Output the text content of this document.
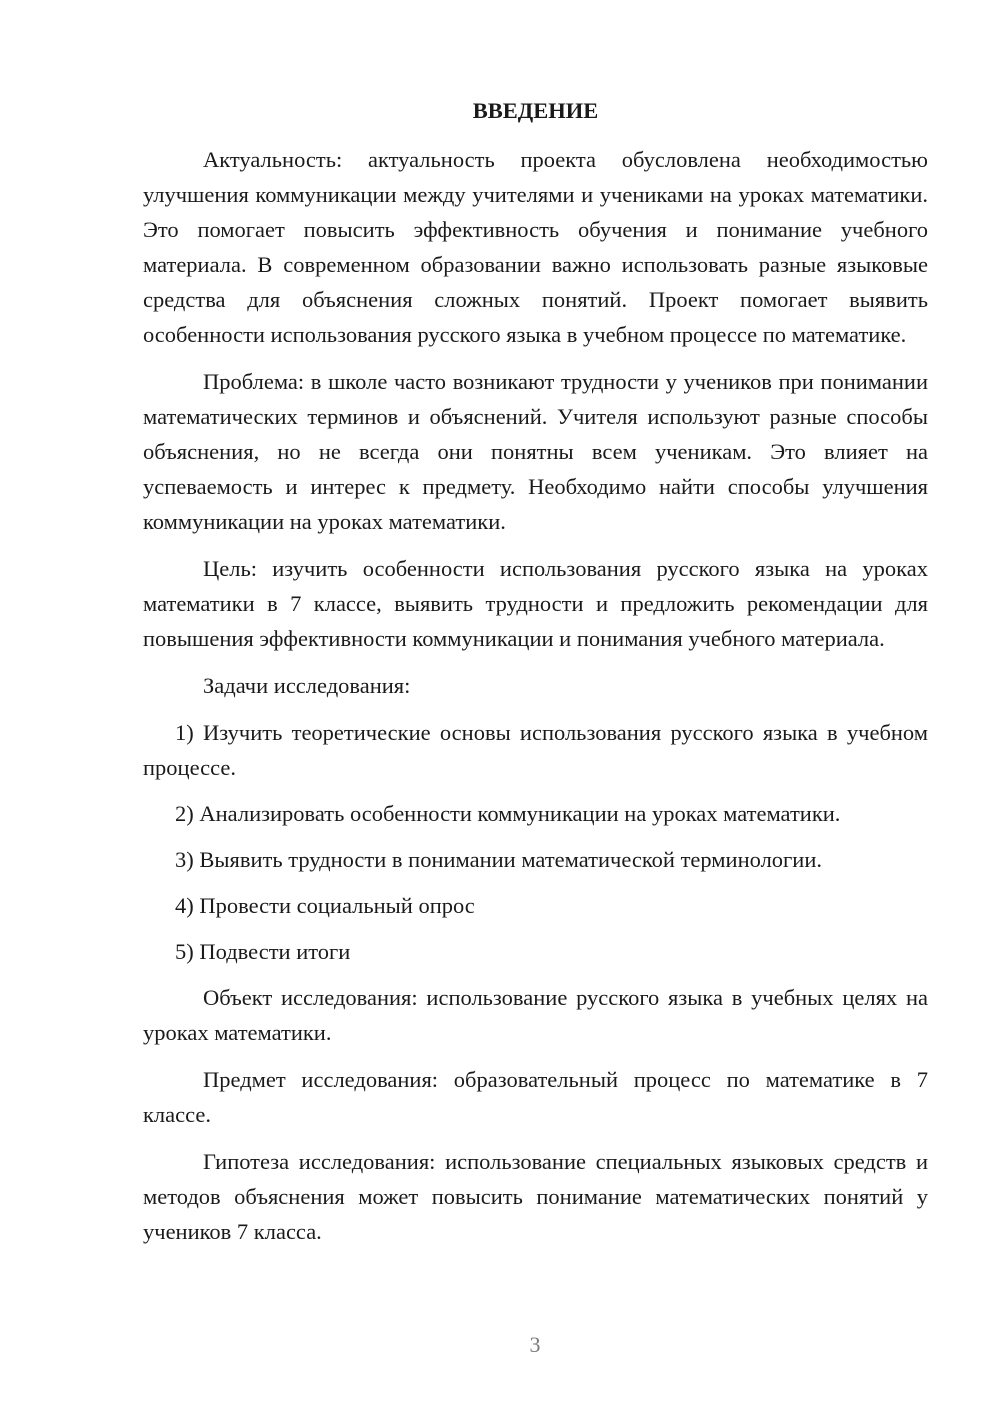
ВВЕДЕНИЕ

Актуальность: актуальность проекта обусловлена необходимостью улучшения коммуникации между учителями и учениками на уроках математики. Это помогает повысить эффективность обучения и понимание учебного материала. В современном образовании важно использовать разные языковые средства для объяснения сложных понятий. Проект помогает выявить особенности использования русского языка в учебном процессе по математике.

Проблема: в школе часто возникают трудности у учеников при понимании математических терминов и объяснений. Учителя используют разные способы объяснения, но не всегда они понятны всем ученикам. Это влияет на успеваемость и интерес к предмету. Необходимо найти способы улучшения коммуникации на уроках математики.

Цель: изучить особенности использования русского языка на уроках математики в 7 классе, выявить трудности и предложить рекомендации для повышения эффективности коммуникации и понимания учебного материала.

Задачи исследования:

1) Изучить теоретические основы использования русского языка в учебном процессе.

2) Анализировать особенности коммуникации на уроках математики.

3) Выявить трудности в понимании математической терминологии.

4) Провести социальный опрос

5) Подвести итоги

Объект исследования: использование русского языка в учебных целях на уроках математики.

Предмет исследования: образовательный процесс по математике в 7 классе.

Гипотеза исследования: использование специальных языковых средств и методов объяснения может повысить понимание математических понятий у учеников 7 класса.

3
